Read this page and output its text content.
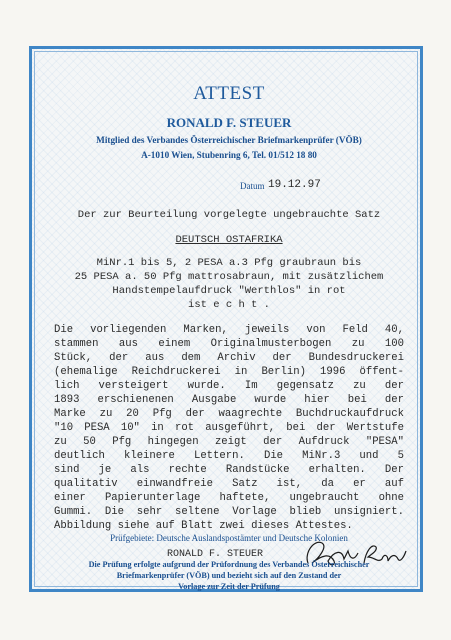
ATTEST
RONALD F. STEUER
Mitglied des Verbandes Österreichischer Briefmarkenprüfer (VÖB)
A-1010 Wien, Stubenring 6, Tel. 01/512 18 80
Datum 19.12.97
Der zur Beurteilung vorgelegte ungebrauchte Satz
DEUTSCH OSTAFRIKA
MiNr.1 bis 5, 2 PESA a.3 Pfg graubraun bis
25 PESA a. 50 Pfg mattrosabraun, mit zusätzlichem
Handstempelaufdruck "Werthlos" in rot
ist e c h t .
Die vorliegenden Marken, jeweils von Feld 40,
stammen aus einem Originalmusterbogen zu 100
Stück, der aus dem Archiv der Bundesdruckerei
(ehemalige Reichdruckerei in Berlin) 1996 öffent-
lich versteigert wurde. Im gegensatz zu der
1893 erschienenen Ausgabe wurde hier bei der
Marke zu 20 Pfg der waagrechte Buchdruckaufdruck
"10 PESA 10" in rot ausgeführt, bei der Wertstufe
zu 50 Pfg hingegen zeigt der Aufdruck "PESA"
deutlich kleinere Lettern. Die MiNr.3 und 5
sind je als rechte Randstücke erhalten. Der
qualitativ einwandfreie Satz ist, da er auf
einer Papierunterlage haftete, ungebraucht ohne
Gummi. Die sehr seltene Vorlage blieb unsigniert.
Abbildung siehe auf Blatt zwei dieses Attestes.
Prüfgebiete: Deutsche Auslandspostämter und Deutsche Kolonien
RONALD F. STEUER
Die Prüfung erfolgte aufgrund der Prüfordnung des Verbandes Österreichischer
Briefmarkenprüfer (VÖB) und bezieht sich auf den Zustand der
Vorlage zur Zeit der Prüfung
